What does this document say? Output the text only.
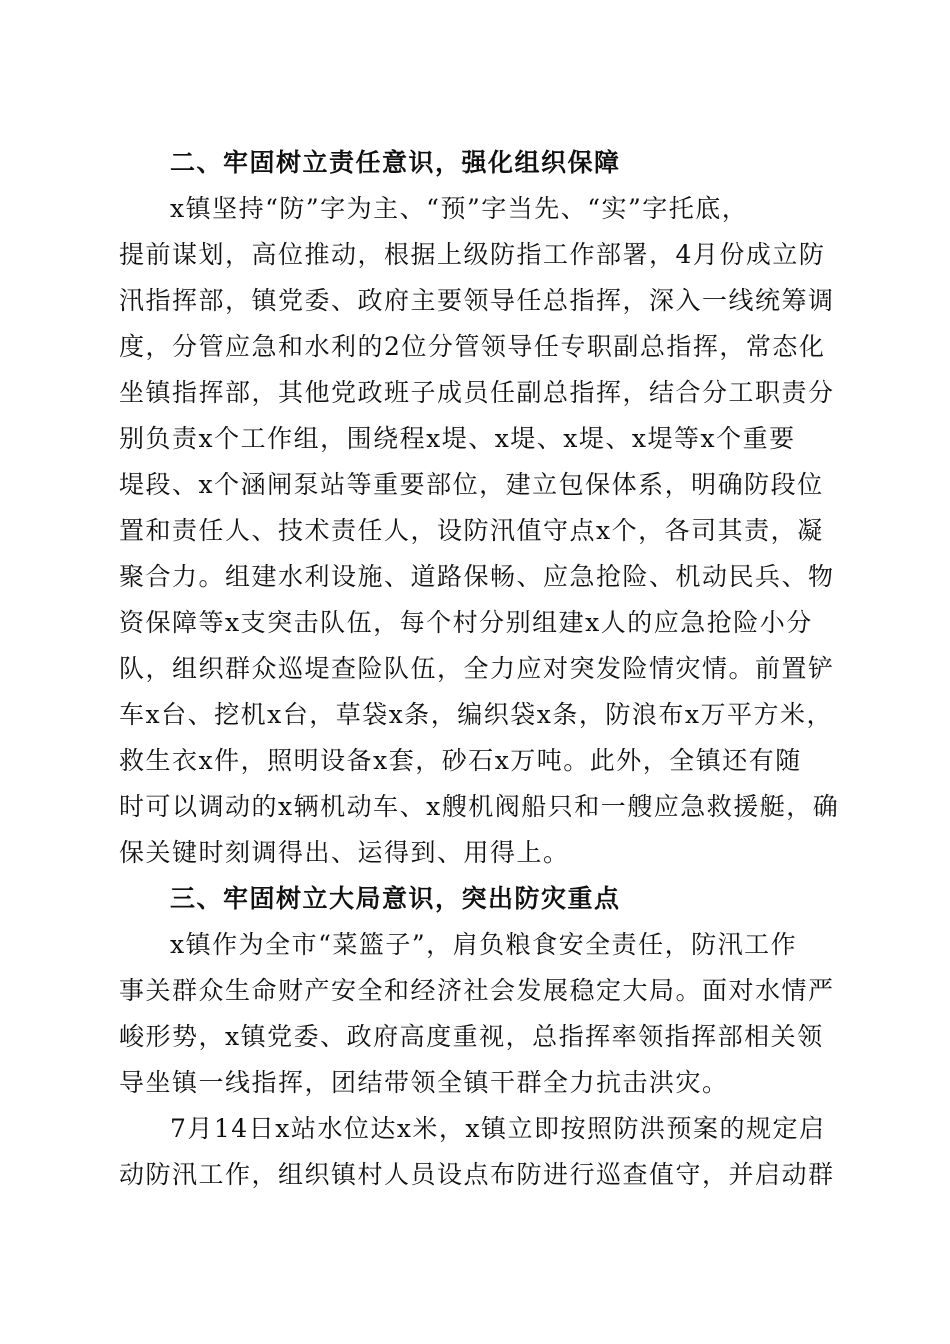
二、牢固树立责任意识，强化组织保障
x镇坚持“防”字为主、“预”字当先、“实”字托底，
提前谋划，高位推动，根据上级防指工作部署，4月份成立防
汛指挥部，镇党委、政府主要领导任总指挥，深入一线统筹调
度，分管应急和水利的2位分管领导任专职副总指挥，常态化
坐镇指挥部，其他党政班子成员任副总指挥，结合分工职责分
别负责x个工作组，围绕程x堤、x堤、x堤、x堤等x个重要
堤段、x个涵闸泵站等重要部位，建立包保体系，明确防段位
置和责任人、技术责任人，设防汛值守点x个，各司其责，凝
聚合力。组建水利设施、道路保畅、应急抢险、机动民兵、物
资保障等x支突击队伍，每个村分别组建x人的应急抢险小分
队，组织群众巡堤查险队伍，全力应对突发险情灾情。前置铲
车x台、挖机x台，草袋x条，编织袋x条，防浪布x万平方米，
救生衣x件，照明设备x套，砂石x万吨。此外，全镇还有随
时可以调动的x辆机动车、x艘机阀船只和一艘应急救援艇，确
保关键时刻调得出、运得到、用得上。
三、牢固树立大局意识，突出防灾重点
x镇作为全市“菜篮子”，肩负粮食安全责任，防汛工作
事关群众生命财产安全和经济社会发展稳定大局。面对水情严
峻形势，x镇党委、政府高度重视，总指挥率领指挥部相关领
导坐镇一线指挥，团结带领全镇干群全力抗击洪灾。
7月14日x站水位达x米，x镇立即按照防洪预案的规定启
动防汛工作，组织镇村人员设点布防进行巡查值守，并启动群
